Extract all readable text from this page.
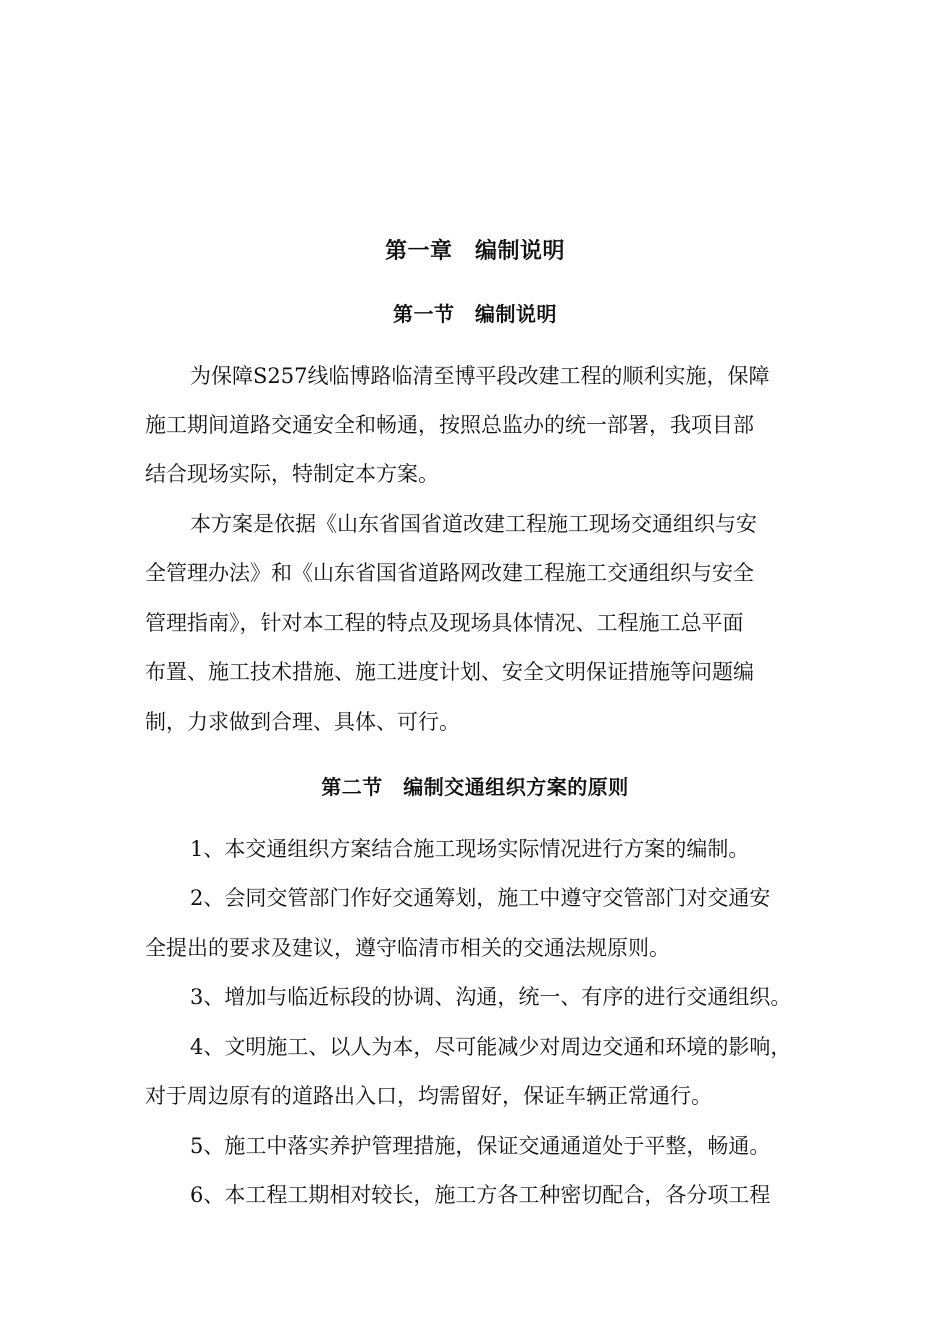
第一章　编制说明
第一节　编制说明
为保障S257线临博路临清至博平段改建工程的顺利实施，保障
施工期间道路交通安全和畅通，按照总监办的统一部署，我项目部
结合现场实际，特制定本方案。
本方案是依据《山东省国省道改建工程施工现场交通组织与安
全管理办法》和《山东省国省道路网改建工程施工交通组织与安全
管理指南》，针对本工程的特点及现场具体情况、工程施工总平面
布置、施工技术措施、施工进度计划、安全文明保证措施等问题编
制，力求做到合理、具体、可行。
第二节　编制交通组织方案的原则
1、本交通组织方案结合施工现场实际情况进行方案的编制。
2、会同交管部门作好交通筹划，施工中遵守交管部门对交通安
全提出的要求及建议，遵守临清市相关的交通法规原则。
3、增加与临近标段的协调、沟通，统一、有序的进行交通组织。
4、文明施工、以人为本，尽可能减少对周边交通和环境的影响，
对于周边原有的道路出入口，均需留好，保证车辆正常通行。
5、施工中落实养护管理措施，保证交通通道处于平整，畅通。
6、本工程工期相对较长，施工方各工种密切配合，各分项工程
